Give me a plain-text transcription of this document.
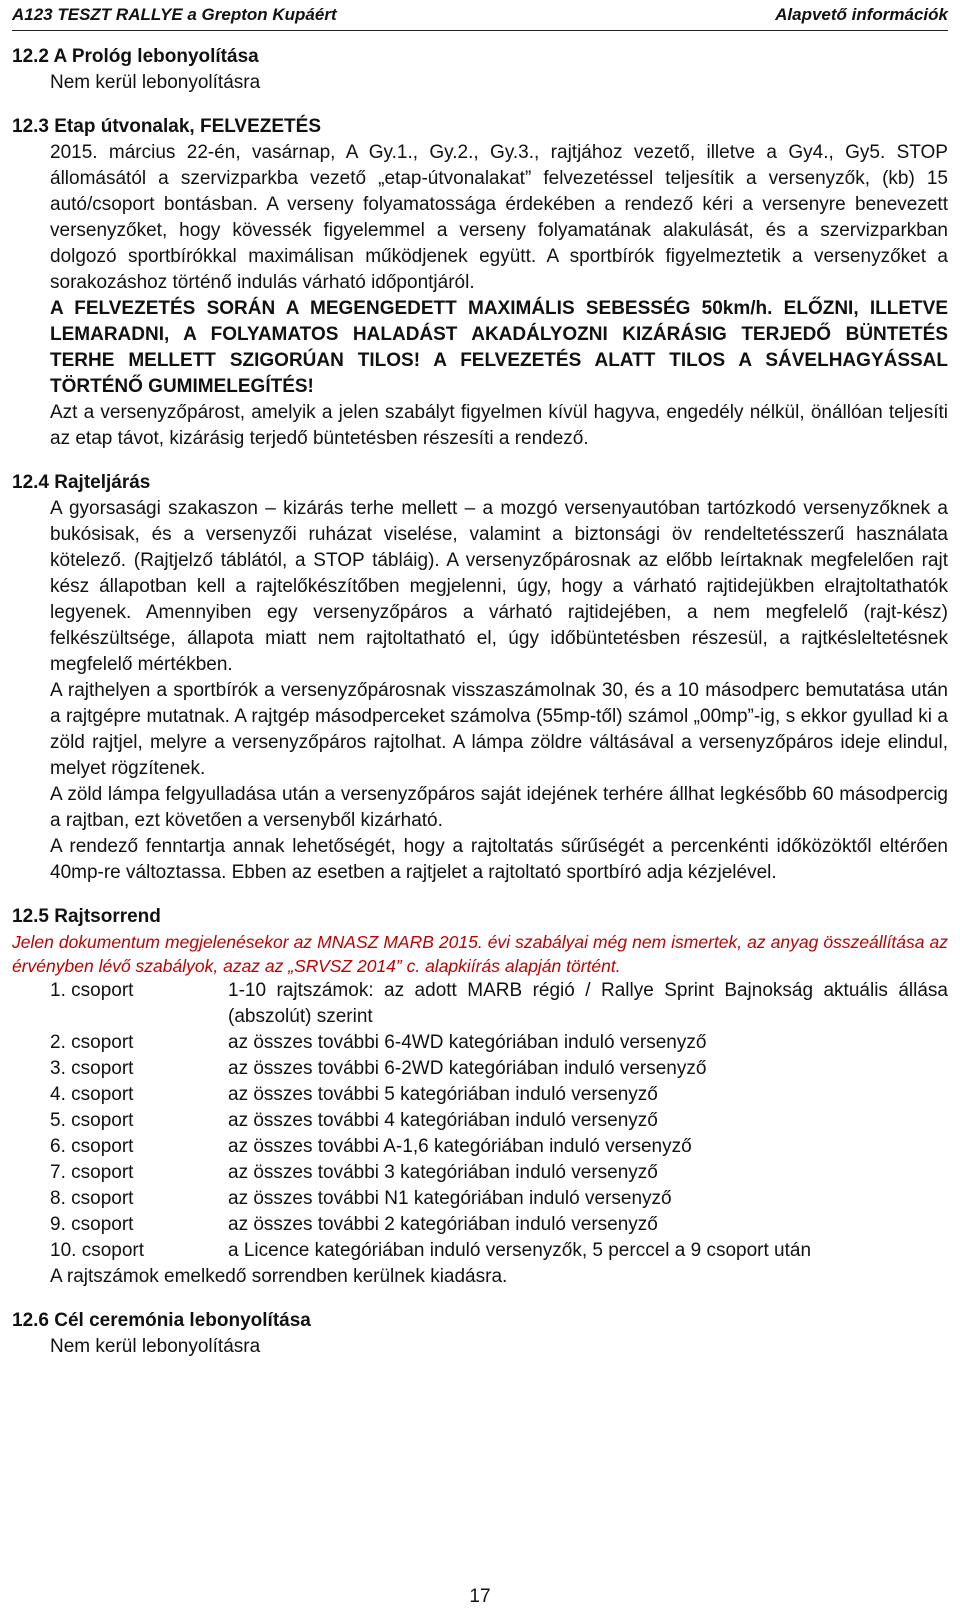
A123 TESZT RALLYE a Grepton Kupáért	Alapvető információk
12.2 A Prológ lebonyolítása

Nem kerül lebonyolításra

12.3 Etap útvonalak, FELVEZETÉS

2015. március 22-én, vasárnap, A Gy.1., Gy.2., Gy.3., rajtjához vezető, illetve a Gy4., Gy5. STOP állomásától a szervizparkba vezető „etap-útvonalakat” felvezetéssel teljesítik a versenyzők, (kb) 15 autó/csoport bontásban. A verseny folyamatossága érdekében a rendező kéri a versenyre benevezett versenyzőket, hogy kövessék figyelemmel a verseny folyamatának alakulását, és a szervizparkban dolgozó sportbírókkal maximálisan működjenek együtt. A sportbírók figyelmeztetik a versenyzőket a sorakozáshoz történő indulás várható időpontjáról.

A FELVEZETÉS SORÁN A MEGENGEDETT MAXIMÁLIS SEBESSÉG 50km/h. ELŐZNI, ILLETVE LEMARADNI, A FOLYAMATOS HALADÁST AKADÁLYOZNI KIZÁRÁSIG TERJEDŐ BÜNTETÉS TERHE MELLETT SZIGORÚAN TILOS! A FELVEZETÉS ALATT TILOS A SÁVELHAGYÁSSAL TÖRTÉNŐ GUMIMELEGÍTÉS!

Azt a versenyzőpárost, amelyik a jelen szabályt figyelmen kívül hagyva, engedély nélkül, önállóan teljesíti az etap távot, kizárásig terjedő büntetésben részesíti a rendező.

12.4 Rajteljárás

A gyorsasági szakaszon – kizárás terhe mellett – a mozgó versenyautóban tartózkodó versenyzőknek a bukósisak, és a versenyzői ruházat viselése, valamint a biztonsági öv rendeltetésszerű használata kötelező. (Rajtjelző táblától, a STOP tábláig). A versenyzőpárosnak az előbb leírtaknak megfelelően rajt kész állapotban kell a rajtelőkészítőben megjelenni, úgy, hogy a várható rajtidejükben elrajtoltathatók legyenek. Amennyiben egy versenyzőpáros a várható rajtidejében, a nem megfelelő (rajt-kész) felkészültsége, állapota miatt nem rajtoltatható el, úgy időbüntetésben részesül, a rajtkésleltetésnek megfelelő mértékben.

A rajthelyen a sportbírók a versenyzőpárosnak visszaszámolnak 30, és a 10 másodperc bemutatása után a rajtgépre mutatnak. A rajtgép másodperceket számolva (55mp-től) számol „00mp”-ig, s ekkor gyullad ki a zöld rajtjel, melyre a versenyzőpáros rajtolhat. A lámpa zöldre váltásával a versenyzőpáros ideje elindul, melyet rögzítenek.

A zöld lámpa felgyulladása után a versenyzőpáros saját idejének terhére állhat legkésőbb 60 másodpercig a rajtban, ezt követően a versenyből kizárható.

A rendező fenntartja annak lehetőségét, hogy a rajtoltatás sűrűségét a percenkénti időközöktől eltérően 40mp-re változtassa. Ebben az esetben a rajtjelet a rajtoltató sportbíró adja kézjelével.

12.5 Rajtsorrend

Jelen dokumentum megjelenésekor az MNASZ MARB 2015. évi szabályai még nem ismertek, az anyag összeállítása az érvényben lévő szabályok, azaz az „SRVSZ 2014” c. alapkiírás alapján történt.

1. csoport	1-10 rajtszámok: az adott MARB régió / Rallye Sprint Bajnokság aktuális állása (abszolút) szerint
2. csoport	az összes további 6-4WD kategóriában induló versenyző
3. csoport	az összes további 6-2WD kategóriában induló versenyző
4. csoport	az összes további 5 kategóriában induló versenyző
5. csoport	az összes további 4 kategóriában induló versenyző
6. csoport	az összes további A-1,6 kategóriában induló versenyző
7. csoport	az összes további 3 kategóriában induló versenyző
8. csoport	az összes további N1 kategóriában induló versenyző
9. csoport	az összes további 2 kategóriában induló versenyző
10. csoport	a Licence kategóriában induló versenyzők, 5 perccel a 9 csoport után

A rajtszámok emelkedő sorrendben kerülnek kiadásra.

12.6 Cél ceremónia lebonyolítása

Nem kerül lebonyolításra

17
